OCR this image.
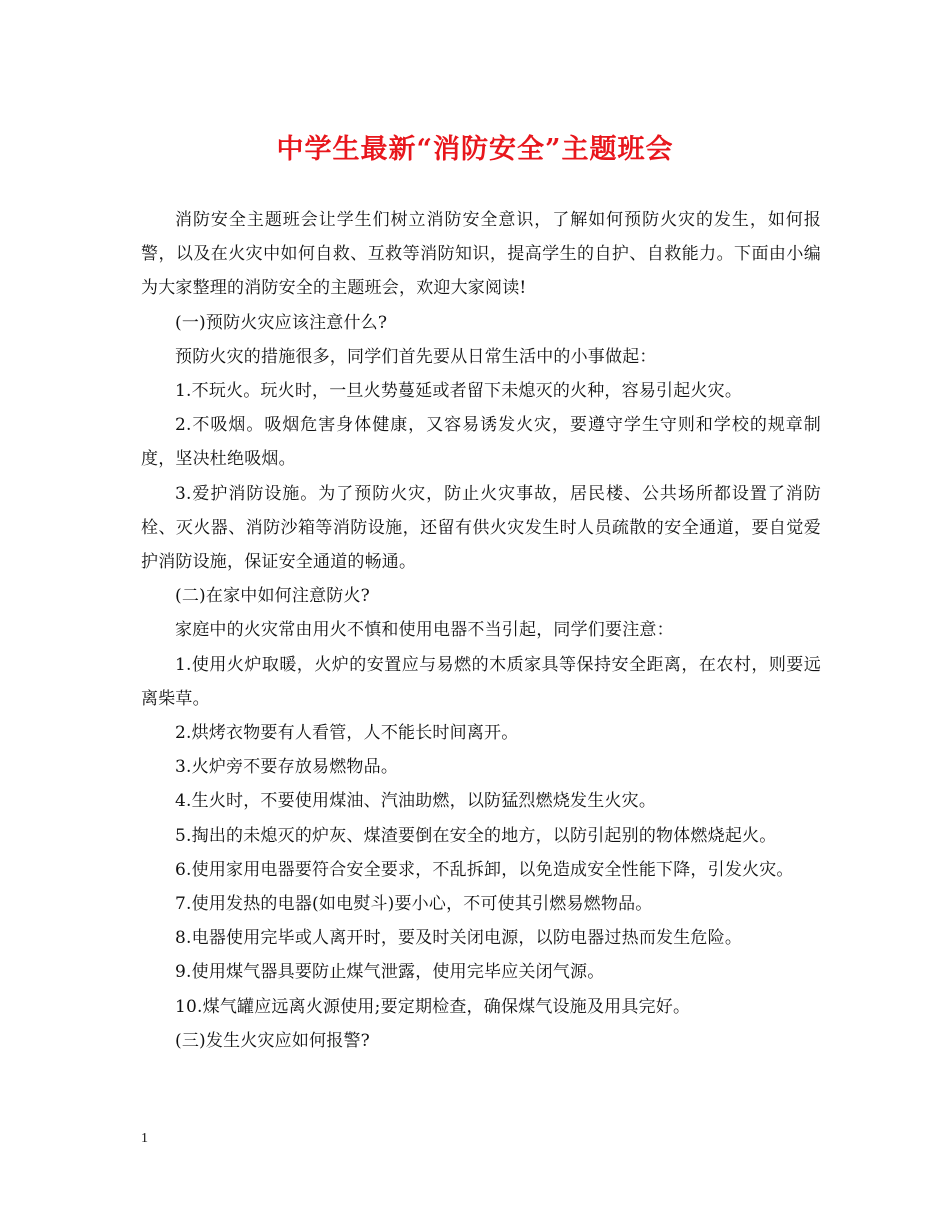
中学生最新“消防安全”主题班会

消防安全主题班会让学生们树立消防安全意识，了解如何预防火灾的发生，如何报警，以及在火灾中如何自救、互救等消防知识，提高学生的自护、自救能力。下面由小编为大家整理的消防安全的主题班会，欢迎大家阅读!

(一)预防火灾应该注意什么?

预防火灾的措施很多，同学们首先要从日常生活中的小事做起：

1.不玩火。玩火时，一旦火势蔓延或者留下未熄灭的火种，容易引起火灾。

2.不吸烟。吸烟危害身体健康，又容易诱发火灾，要遵守学生守则和学校的规章制度，坚决杜绝吸烟。

3.爱护消防设施。为了预防火灾，防止火灾事故，居民楼、公共场所都设置了消防栓、灭火器、消防沙箱等消防设施，还留有供火灾发生时人员疏散的安全通道，要自觉爱护消防设施，保证安全通道的畅通。

(二)在家中如何注意防火?

家庭中的火灾常由用火不慎和使用电器不当引起，同学们要注意：

1.使用火炉取暖，火炉的安置应与易燃的木质家具等保持安全距离，在农村，则要远离柴草。

2.烘烤衣物要有人看管，人不能长时间离开。

3.火炉旁不要存放易燃物品。

4.生火时，不要使用煤油、汽油助燃，以防猛烈燃烧发生火灾。

5.掏出的未熄灭的炉灰、煤渣要倒在安全的地方，以防引起别的物体燃烧起火。

6.使用家用电器要符合安全要求，不乱拆卸，以免造成安全性能下降，引发火灾。

7.使用发热的电器(如电熨斗)要小心，不可使其引燃易燃物品。

8.电器使用完毕或人离开时，要及时关闭电源，以防电器过热而发生危险。

9.使用煤气器具要防止煤气泄露，使用完毕应关闭气源。

10.煤气罐应远离火源使用;要定期检查，确保煤气设施及用具完好。

(三)发生火灾应如何报警?

1
